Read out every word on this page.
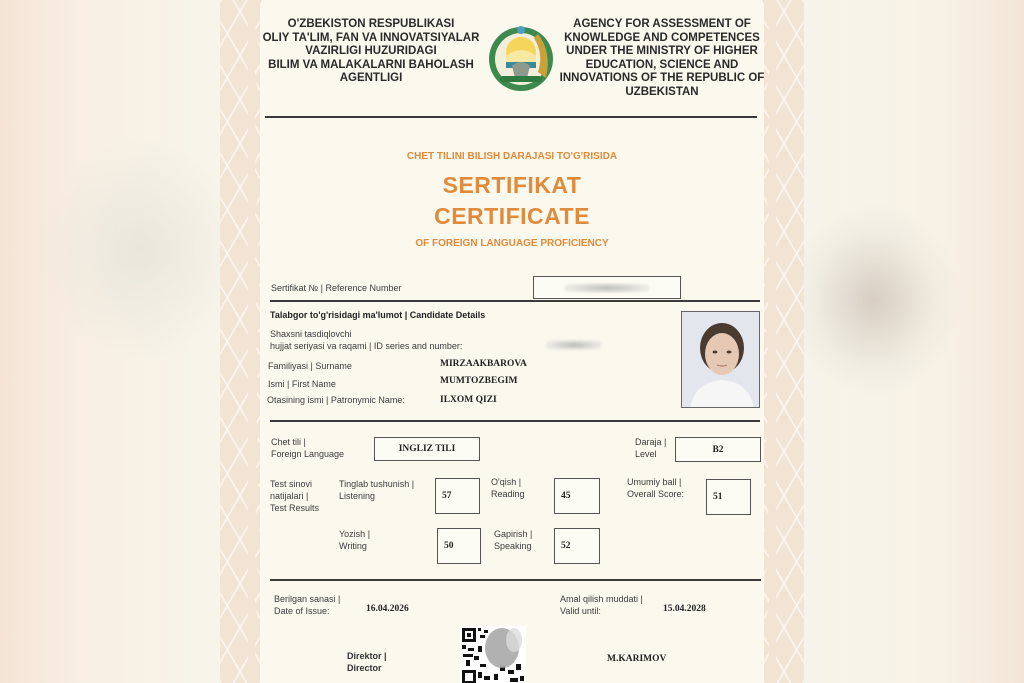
O'ZBEKISTON RESPUBLIKASI
OLIY TA'LIM, FAN VA INNOVATSIYALAR
VAZIRLIGI HUZURIDAGI
BILIM VA MALAKALARNI BAHOLASH
AGENTLIGI
AGENCY FOR ASSESSMENT OF
KNOWLEDGE AND COMPETENCES
UNDER THE MINISTRY OF HIGHER
EDUCATION, SCIENCE AND
INNOVATIONS OF THE REPUBLIC OF
UZBEKISTAN
CHET TILINI BILISH DARAJASI TO'G'RISIDA
SERTIFIKAT
CERTIFICATE
OF FOREIGN LANGUAGE PROFICIENCY
Sertifikat № | Reference Number
Talabgor to'g'risidagi ma'lumot | Candidate Details
Shaxsni tasdiqlovchi
hujjat seriyasi va raqami | ID series and number:
Familiyasi | Surname	MIRZAAKBAROVA
Ismi | First Name	MUMTOZBEGIM
Otasining ismi | Patronymic Name:	ILXOM QIZI
Chet tili |
Foreign Language	INGLIZ TILI
Daraja |
Level	B2
Test sinovi
natijalari |
Test Results
Tinglab tushunish |
Listening	57
O'qish |
Reading	45
Umumiy ball |
Overall Score:	51
Yozish |
Writing	50
Gapirish |
Speaking	52
Berilgan sanasi |
Date of Issue:	16.04.2026
Amal qilish muddati |
Valid until:	15.04.2028
Direktor |
Director
M.KARIMOV
